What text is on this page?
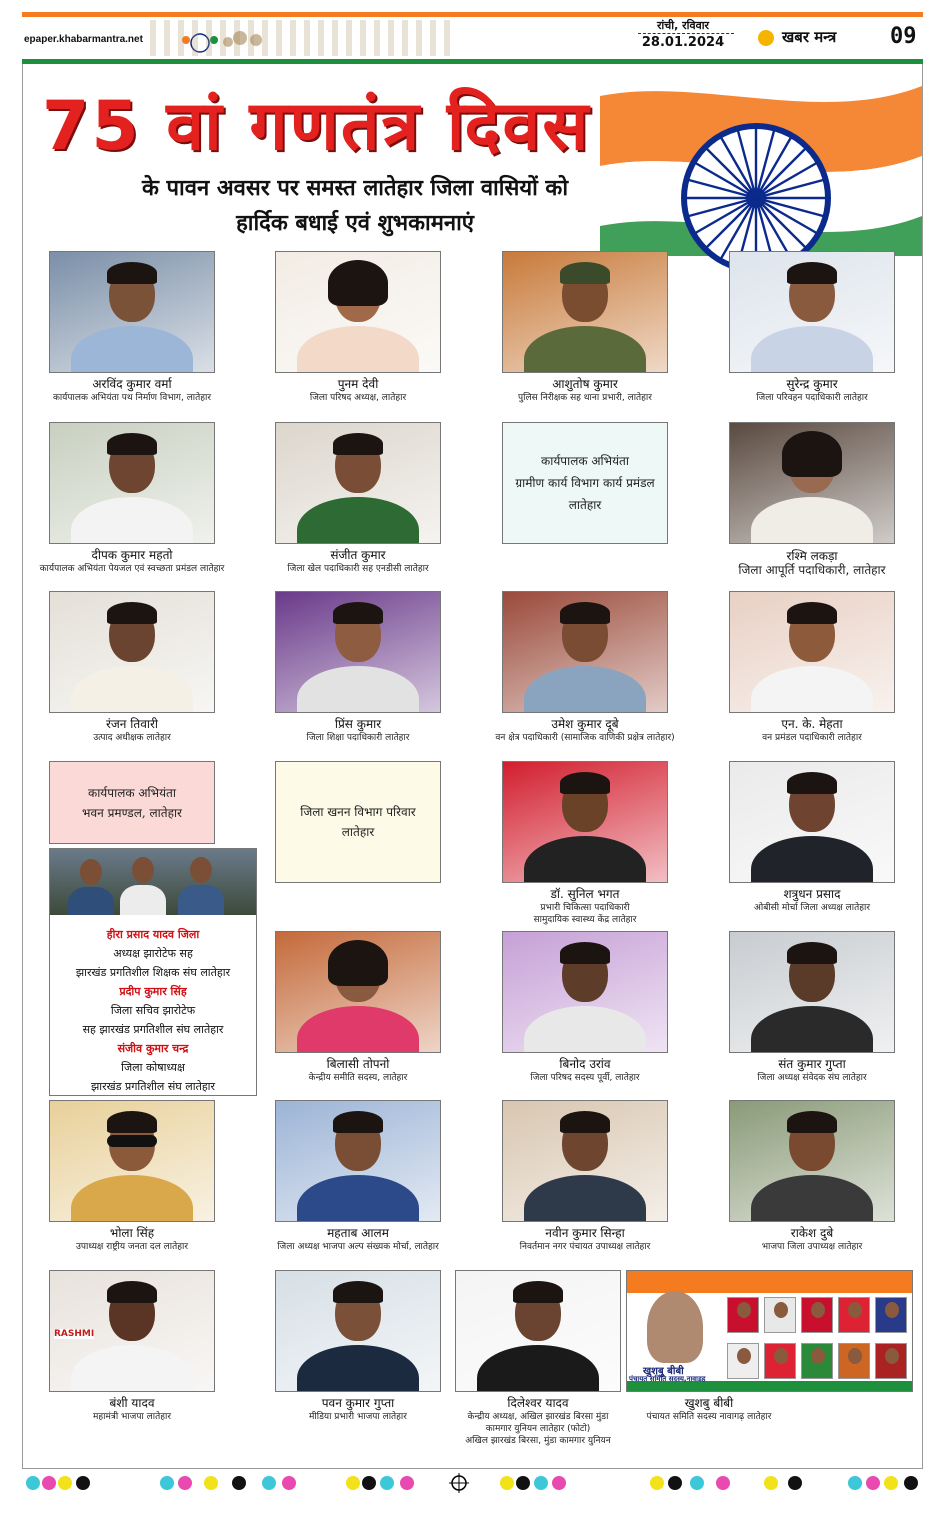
epaper.khabarmantra.net
रांची, रविवार
28.01.2024	खबर मन्त्र 09
75 वां गणतंत्र दिवस
के पावन अवसर पर समस्त लातेहार जिला वासियों को
हार्दिक बधाई एवं शुभकामनाएं
अरविंद कुमार वर्मा
कार्यपालक अभियंता पथ निर्माण विभाग, लातेहार
पुनम देवी
जिला परिषद अध्यक्ष, लातेहार
आशुतोष कुमार
पुलिस निरीक्षक सह थाना प्रभारी, लातेहार
सुरेन्द्र कुमार
जिला परिवहन पदाधिकारी लातेहार
दीपक कुमार महतो
कार्यपालक अभियंता पेयजल एवं स्वच्छता प्रमंडल लातेहार
संजीत कुमार
जिला खेल पदाधिकारी सह एनडीसी लातेहार
रश्मि लकड़ा
जिला आपूर्ति पदाधिकारी, लातेहार
रंजन तिवारी
उत्पाद अधीक्षक लातेहार
प्रिंस कुमार
जिला शिक्षा पदाधिकारी लातेहार
उमेश कुमार दूबे
वन क्षेत्र पदाधिकारी (सामाजिक वाणिकी प्रक्षेत्र लातेहार)
एन. के. मेहता
वन प्रमंडल पदाधिकारी लातेहार
डॉ. सुनिल भगत
प्रभारी चिकित्सा पदाधिकारी
सामुदायिक स्वास्थ्य केंद्र लातेहार
शत्रुधन प्रसाद
ओबीसी मोर्चा जिला अध्यक्ष लातेहार
बिलासी तोपनो
केन्द्रीय समीति सदस्य, लातेहार
बिनोद उरांव
जिला परिषद सदस्य पूर्वी, लातेहार
संत कुमार गुप्ता
जिला अध्यक्ष संवेदक संघ लातेहार
भोला सिंह
उपाध्यक्ष राष्ट्रीय जनता दल लातेहार
महताब आलम
जिला अध्यक्ष भाजपा अल्प संख्यक मोर्चा, लातेहार
नवीन कुमार सिन्हा
निवर्तमान नगर पंचायत उपाध्यक्ष लातेहार
राकेश दुबे
भाजपा जिला उपाध्यक्ष लातेहार
RASHMI
बंशी यादव
महामंत्री भाजपा लातेहार
पवन कुमार गुप्ता
मीडिया प्रभारी भाजपा लातेहार
दिलेश्वर यादव
केन्द्रीय अध्यक्ष, अखिल झारखंड बिरसा मुंडा
कामगार युनियन लातेहार (फोटो)
अखिल झारखंड बिरसा, मुंडा कामगार युनियन
खुशबु बीबी
पंचायत समिति सदस्य नावागढ़ लातेहार
कार्यपालक अभियंता
ग्रामीण कार्य विभाग कार्य प्रमंडल
लातेहार
कार्यपालक अभियंता
भवन प्रमण्डल, लातेहार	जिला खनन विभाग परिवार
लातेहार
हीरा प्रसाद यादव जिला
अध्यक्ष झारोटेफ सह
झारखंड प्रगतिशील शिक्षक संघ लातेहार
प्रदीप कुमार सिंह
जिला सचिव झारोटेफ
सह झारखंड प्रगतिशील संघ लातेहार
संजीव कुमार चन्द्र
जिला कोषाध्यक्ष
झारखंड प्रगतिशील संघ लातेहार
खुशबु बीबी
पंचायत समिति सदस्य,नावाडह
